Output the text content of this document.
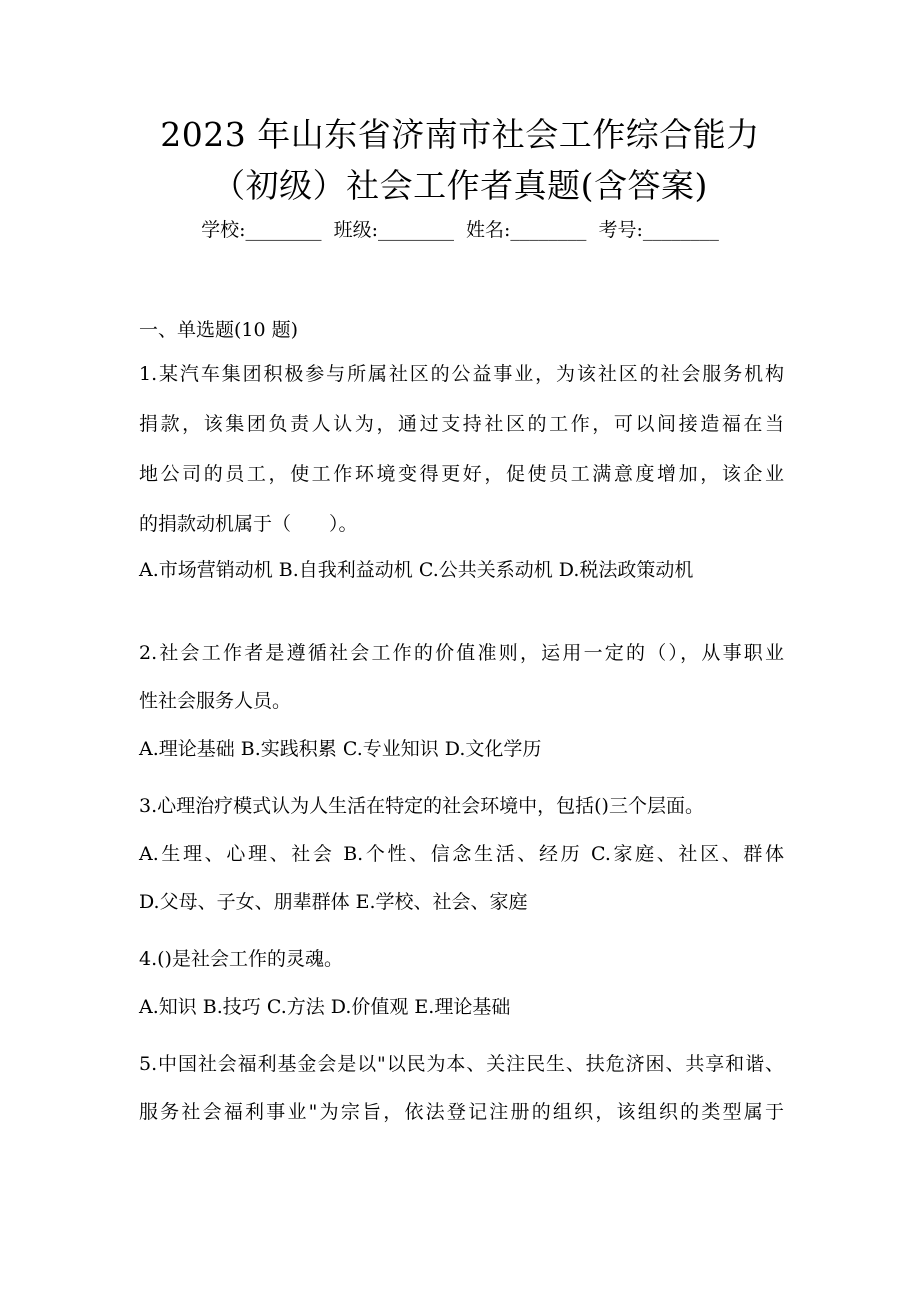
2023 年山东省济南市社会工作综合能力
（初级）社会工作者真题(含答案)
学校:________ 班级:________ 姓名:________ 考号:________
一、单选题(10 题)
1.某汽车集团积极参与所属社区的公益事业，为该社区的社会服务机构
捐款，该集团负责人认为，通过支持社区的工作，可以间接造福在当
地公司的员工，使工作环境变得更好，促使员工满意度增加，该企业
的捐款动机属于（　　）。
A.市场营销动机 B.自我利益动机 C.公共关系动机 D.税法政策动机
2.社会工作者是遵循社会工作的价值准则，运用一定的（），从事职业
性社会服务人员。
A.理论基础 B.实践积累 C.专业知识 D.文化学历
3.心理治疗模式认为人生活在特定的社会环境中，包括()三个层面。
A.生理、心理、社会 B.个性、信念生活、经历 C.家庭、社区、群体
D.父母、子女、朋辈群体 E.学校、社会、家庭
4.()是社会工作的灵魂。
A.知识 B.技巧 C.方法 D.价值观 E.理论基础
5.中国社会福利基金会是以"以民为本、关注民生、扶危济困、共享和谐、
服务社会福利事业"为宗旨，依法登记注册的组织，该组织的类型属于
